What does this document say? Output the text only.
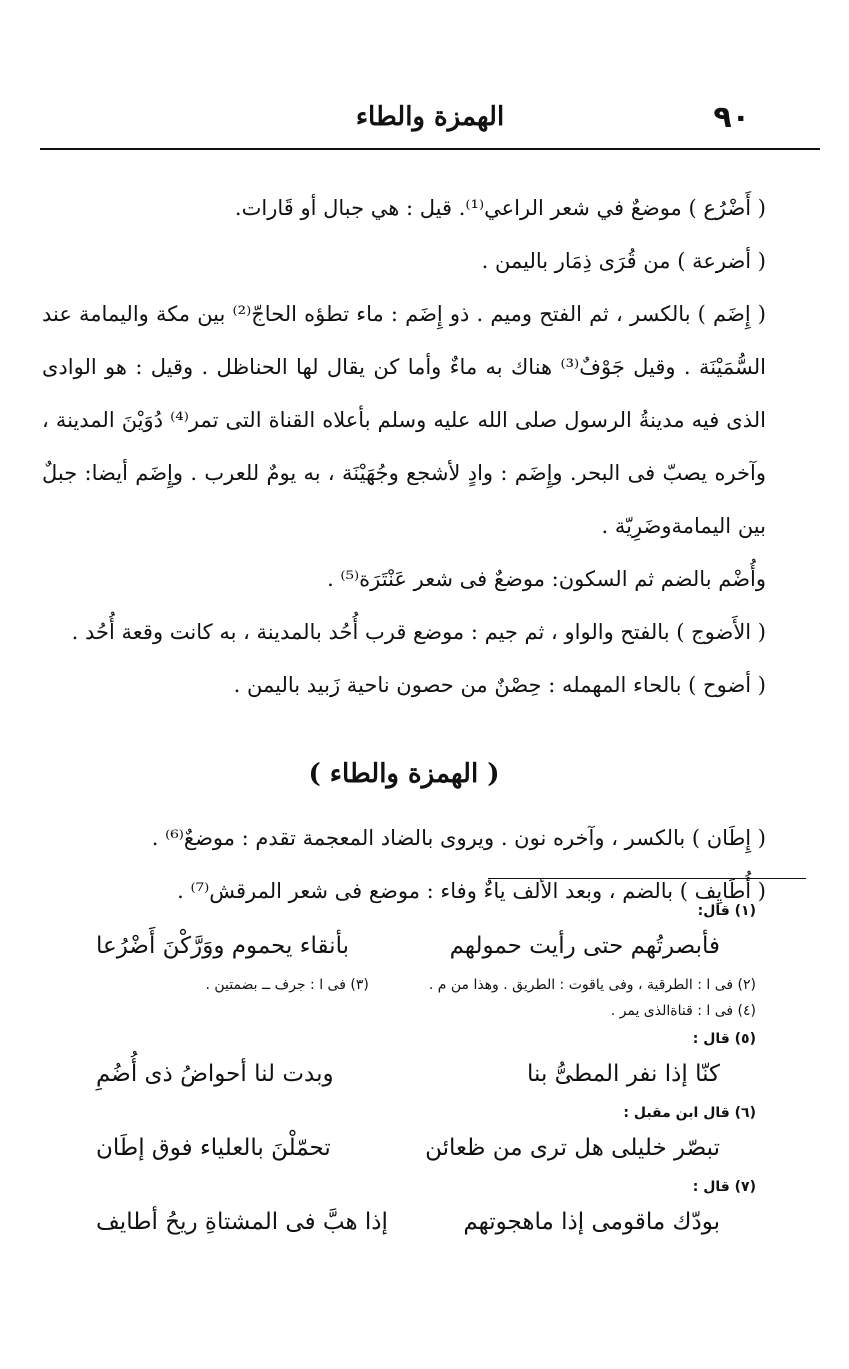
٩٠
الهمزة والطاء

( أَضْرُع ) موضعٌ في شعر الراعي⁽¹⁾. قيل : هي جبال أو قَارات.

( أضرعة ) من قُرَى ذِمَار باليمن .

( إِضَم ) بالكسر ، ثم الفتح وميم . ذو إِضَم : ماء تطؤه الحاجّ⁽²⁾ بين مكة واليمامة عند السُّمَيْنَة . وقيل جَوْفٌ⁽³⁾ هناك به ماءٌ وأما كن يقال لها الحناظل . وقيل : هو الوادى الذى فيه مدينةُ الرسول صلى الله عليه وسلم بأعلاه القناة التى تمر⁽⁴⁾ دُوَيْنَ المدينة ، وآخره يصبّ فى البحر. وإِضَم : وادٍ لأشجع وجُهَيْنَة ، به يومٌ للعرب . وإِضَم أيضا: جبلٌ بين اليمامةوضَرِيّة .

وأُضْم بالضم ثم السكون: موضعٌ فى شعر عَنْتَرَة⁽⁵⁾ .

( الأَضوج ) بالفتح والواو ، ثم جيم : موضع قرب أُحُد بالمدينة ، به كانت وقعة أُحُد .

( أضوح ) بالحاء المهمله : حِصْنٌ من حصون ناحية زَبيد باليمن .

( الهمزة والطاء )

( إِطَان ) بالكسر ، وآخره نون . ويروى بالضاد المعجمة تقدم : موضعٌ⁽⁶⁾ .

( أُطَايِف ) بالضم ، وبعد الألف ياءٌ وفاء : موضع فى شعر المرقش⁽⁷⁾ .

(١) قال:

فأبصرتُهم حتى رأيت حمولهم
بأنقاء يحموم ووَرَّكْنَ أَضْرُعا
(٢) فى ا : الطرقية ، وفى ياقوت : الطريق . وهذا من م .
(٣) فى ا : جرف ــ بضمتين .

(٤) فى ا : قناةالذى يمر .

(٥) قال :

كنّا إذا نفر المطىُّ بنا
وبدت لنا أحواضُ ذى أُضُمِ

(٦) قال ابن مقبل :

تبصّر خليلى هل ترى من ظعائن
تحمّلْنَ بالعلياء فوق إطَان

(٧) قال :

بودّك ماقومى إذا ماهجوتهم
إذا هبَّ فى المشتاةِ ريحُ أطايف
